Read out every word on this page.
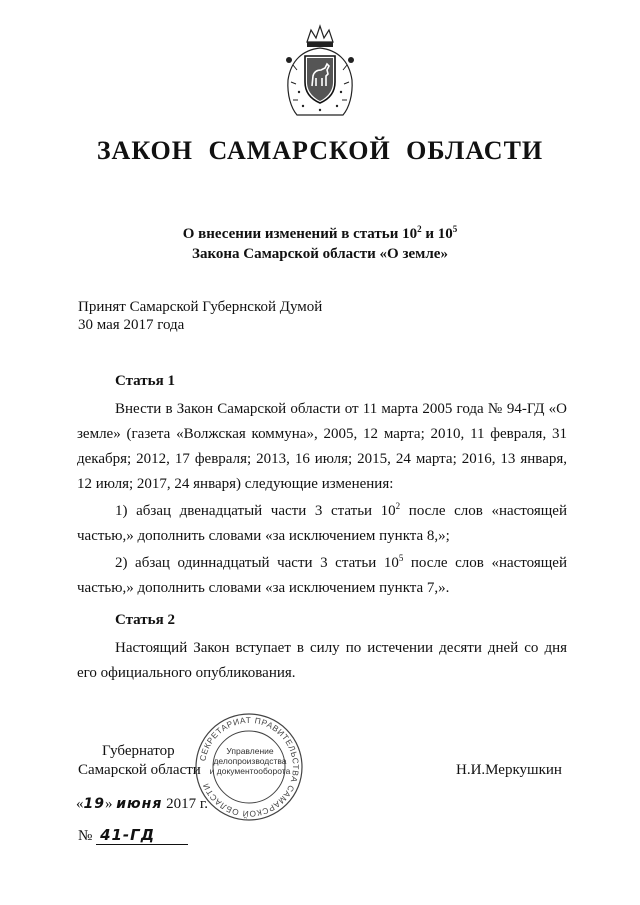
ЗАКОН САМАРСКОЙ ОБЛАСТИ
О внесении изменений в статьи $10^2$ и $10^5$
Закона Самарской области «О земле»
Принят Самарской Губернской Думой
30 мая 2017 года

Статья 1

Внести в Закон Самарской области от 11 марта 2005 года № 94-ГД «О земле» (газета «Волжская коммуна», 2005, 12 марта; 2010, 11 февраля, 31 декабря; 2012, 17 февраля; 2013, 16 июля; 2015, 24 марта; 2016, 13 января, 12 июля; 2017, 24 января) следующие изменения:

1) абзац двенадцатый части 3 статьи $10^2$ после слов «настоящей частью,» дополнить словами «за исключением пункта 8,»;

2) абзац одиннадцатый части 3 статьи $10^5$ после слов «настоящей частью,» дополнить словами «за исключением пункта 7,».

Статья 2

Настоящий Закон вступает в силу по истечении десяти дней со дня его официального опубликования.

СЕКРЕТАРИАТ ПРАВИТЕЛЬСТВА САМАРСКОЙ ОБЛАСТИ
Управление
делопроизводства
и документооборота
Губернатор
Самарской области	Н.И.Меркушкин
«19» июня 2017 г.
№ 41-ГД
